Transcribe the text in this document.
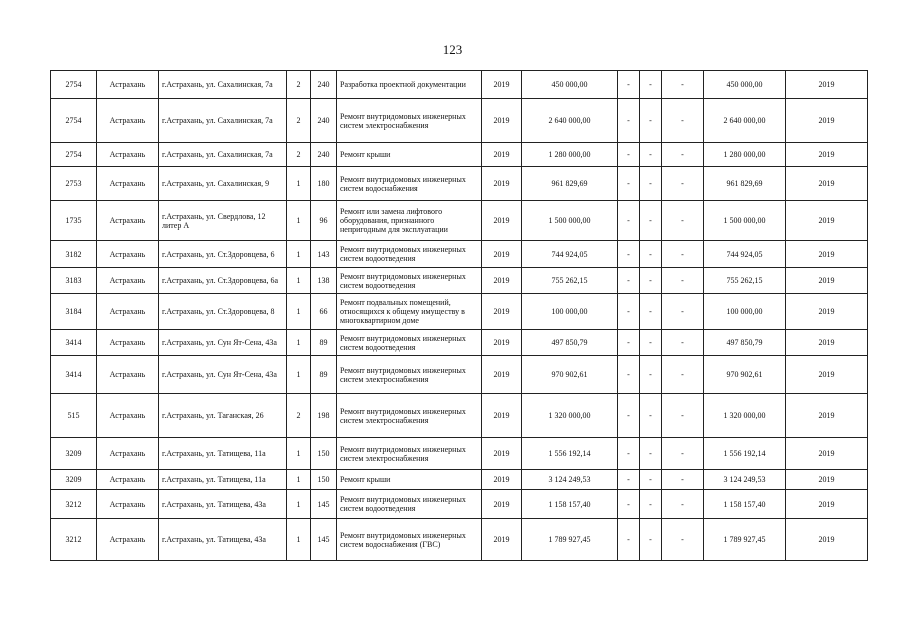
123
2754	Астрахань	г.Астрахань, ул. Сахалинская, 7а	2	240	Разработка проектной документации	2019	450 000,00	-	-	-	450 000,00	2019
2754	Астрахань	г.Астрахань, ул. Сахалинская, 7а	2	240	Ремонт внутридомовых инженерных систем электроснабжения	2019	2 640 000,00	-	-	-	2 640 000,00	2019
2754	Астрахань	г.Астрахань, ул. Сахалинская, 7а	2	240	Ремонт крыши	2019	1 280 000,00	-	-	-	1 280 000,00	2019
2753	Астрахань	г.Астрахань, ул. Сахалинская, 9	1	180	Ремонт внутридомовых инженерных систем водоснабжения	2019	961 829,69	-	-	-	961 829,69	2019
1735	Астрахань	г.Астрахань, ул. Свердлова, 12 литер А	1	96	Ремонт или замена лифтового оборудования, признанного непригодным для эксплуатации	2019	1 500 000,00	-	-	-	1 500 000,00	2019
3182	Астрахань	г.Астрахань, ул. Ст.Здоровцева, 6	1	143	Ремонт внутридомовых инженерных систем водоотведения	2019	744 924,05	-	-	-	744 924,05	2019
3183	Астрахань	г.Астрахань, ул. Ст.Здоровцева, 6а	1	138	Ремонт внутридомовых инженерных систем водоотведения	2019	755 262,15	-	-	-	755 262,15	2019
3184	Астрахань	г.Астрахань, ул. Ст.Здоровцева, 8	1	66	Ремонт подвальных помещений, относящихся к общему имуществу в многоквартирном доме	2019	100 000,00	-	-	-	100 000,00	2019
3414	Астрахань	г.Астрахань, ул. Сун Ят-Сена, 43а	1	89	Ремонт внутридомовых инженерных систем водоотведения	2019	497 850,79	-	-	-	497 850,79	2019
3414	Астрахань	г.Астрахань, ул. Сун Ят-Сена, 43а	1	89	Ремонт внутридомовых инженерных систем электроснабжения	2019	970 902,61	-	-	-	970 902,61	2019
515	Астрахань	г.Астрахань, ул. Таганская, 26	2	198	Ремонт внутридомовых инженерных систем электроснабжения	2019	1 320 000,00	-	-	-	1 320 000,00	2019
3209	Астрахань	г.Астрахань, ул. Татищева, 11а	1	150	Ремонт внутридомовых инженерных систем электроснабжения	2019	1 556 192,14	-	-	-	1 556 192,14	2019
3209	Астрахань	г.Астрахань, ул. Татищева, 11а	1	150	Ремонт крыши	2019	3 124 249,53	-	-	-	3 124 249,53	2019
3212	Астрахань	г.Астрахань, ул. Татищева, 43а	1	145	Ремонт внутридомовых инженерных систем водоотведения	2019	1 158 157,40	-	-	-	1 158 157,40	2019
3212	Астрахань	г.Астрахань, ул. Татищева, 43а	1	145	Ремонт внутридомовых инженерных систем водоснабжения (ГВС)	2019	1 789 927,45	-	-	-	1 789 927,45	2019
